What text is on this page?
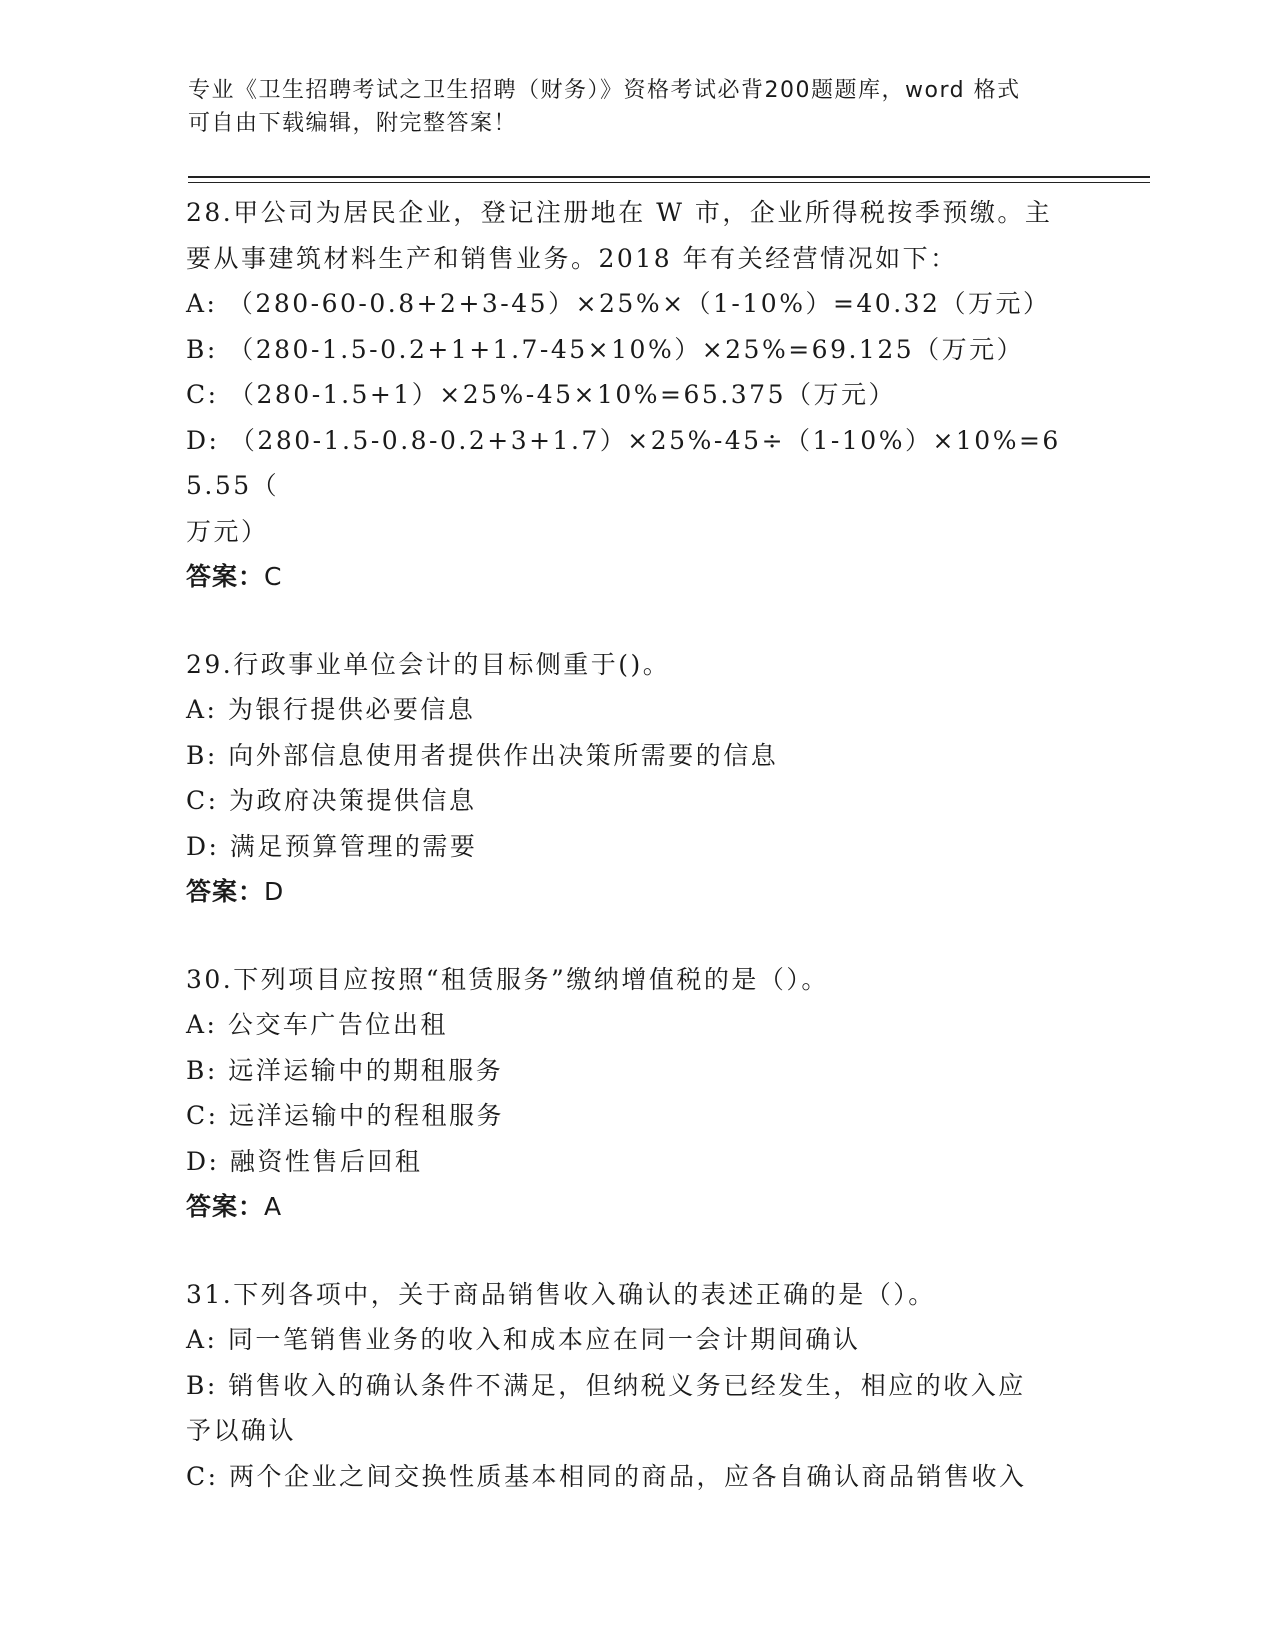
专业《卫生招聘考试之卫生招聘（财务）》资格考试必背200题题库，word 格式
可自由下载编辑，附完整答案！
28.甲公司为居民企业，登记注册地在 W 市，企业所得税按季预缴。主
要从事建筑材料生产和销售业务。2018 年有关经营情况如下：
A: （280-60-0.8+2+3-45）×25%×（1-10%）=40.32（万元）
B: （280-1.5-0.2+1+1.7-45×10%）×25%=69.125（万元）
C: （280-1.5+1）×25%-45×10%=65.375（万元）
D: （280-1.5-0.8-0.2+3+1.7）×25%-45÷（1-10%）×10%=65.55（
万元）
答案：C
29.行政事业单位会计的目标侧重于()。
A: 为银行提供必要信息
B: 向外部信息使用者提供作出决策所需要的信息
C: 为政府决策提供信息
D: 满足预算管理的需要
答案：D
30.下列项目应按照“租赁服务”缴纳增值税的是（）。
A: 公交车广告位出租
B: 远洋运输中的期租服务
C: 远洋运输中的程租服务
D: 融资性售后回租
答案：A
31.下列各项中，关于商品销售收入确认的表述正确的是（）。
A: 同一笔销售业务的收入和成本应在同一会计期间确认
B: 销售收入的确认条件不满足，但纳税义务已经发生，相应的收入应
予以确认
C: 两个企业之间交换性质基本相同的商品，应各自确认商品销售收入
